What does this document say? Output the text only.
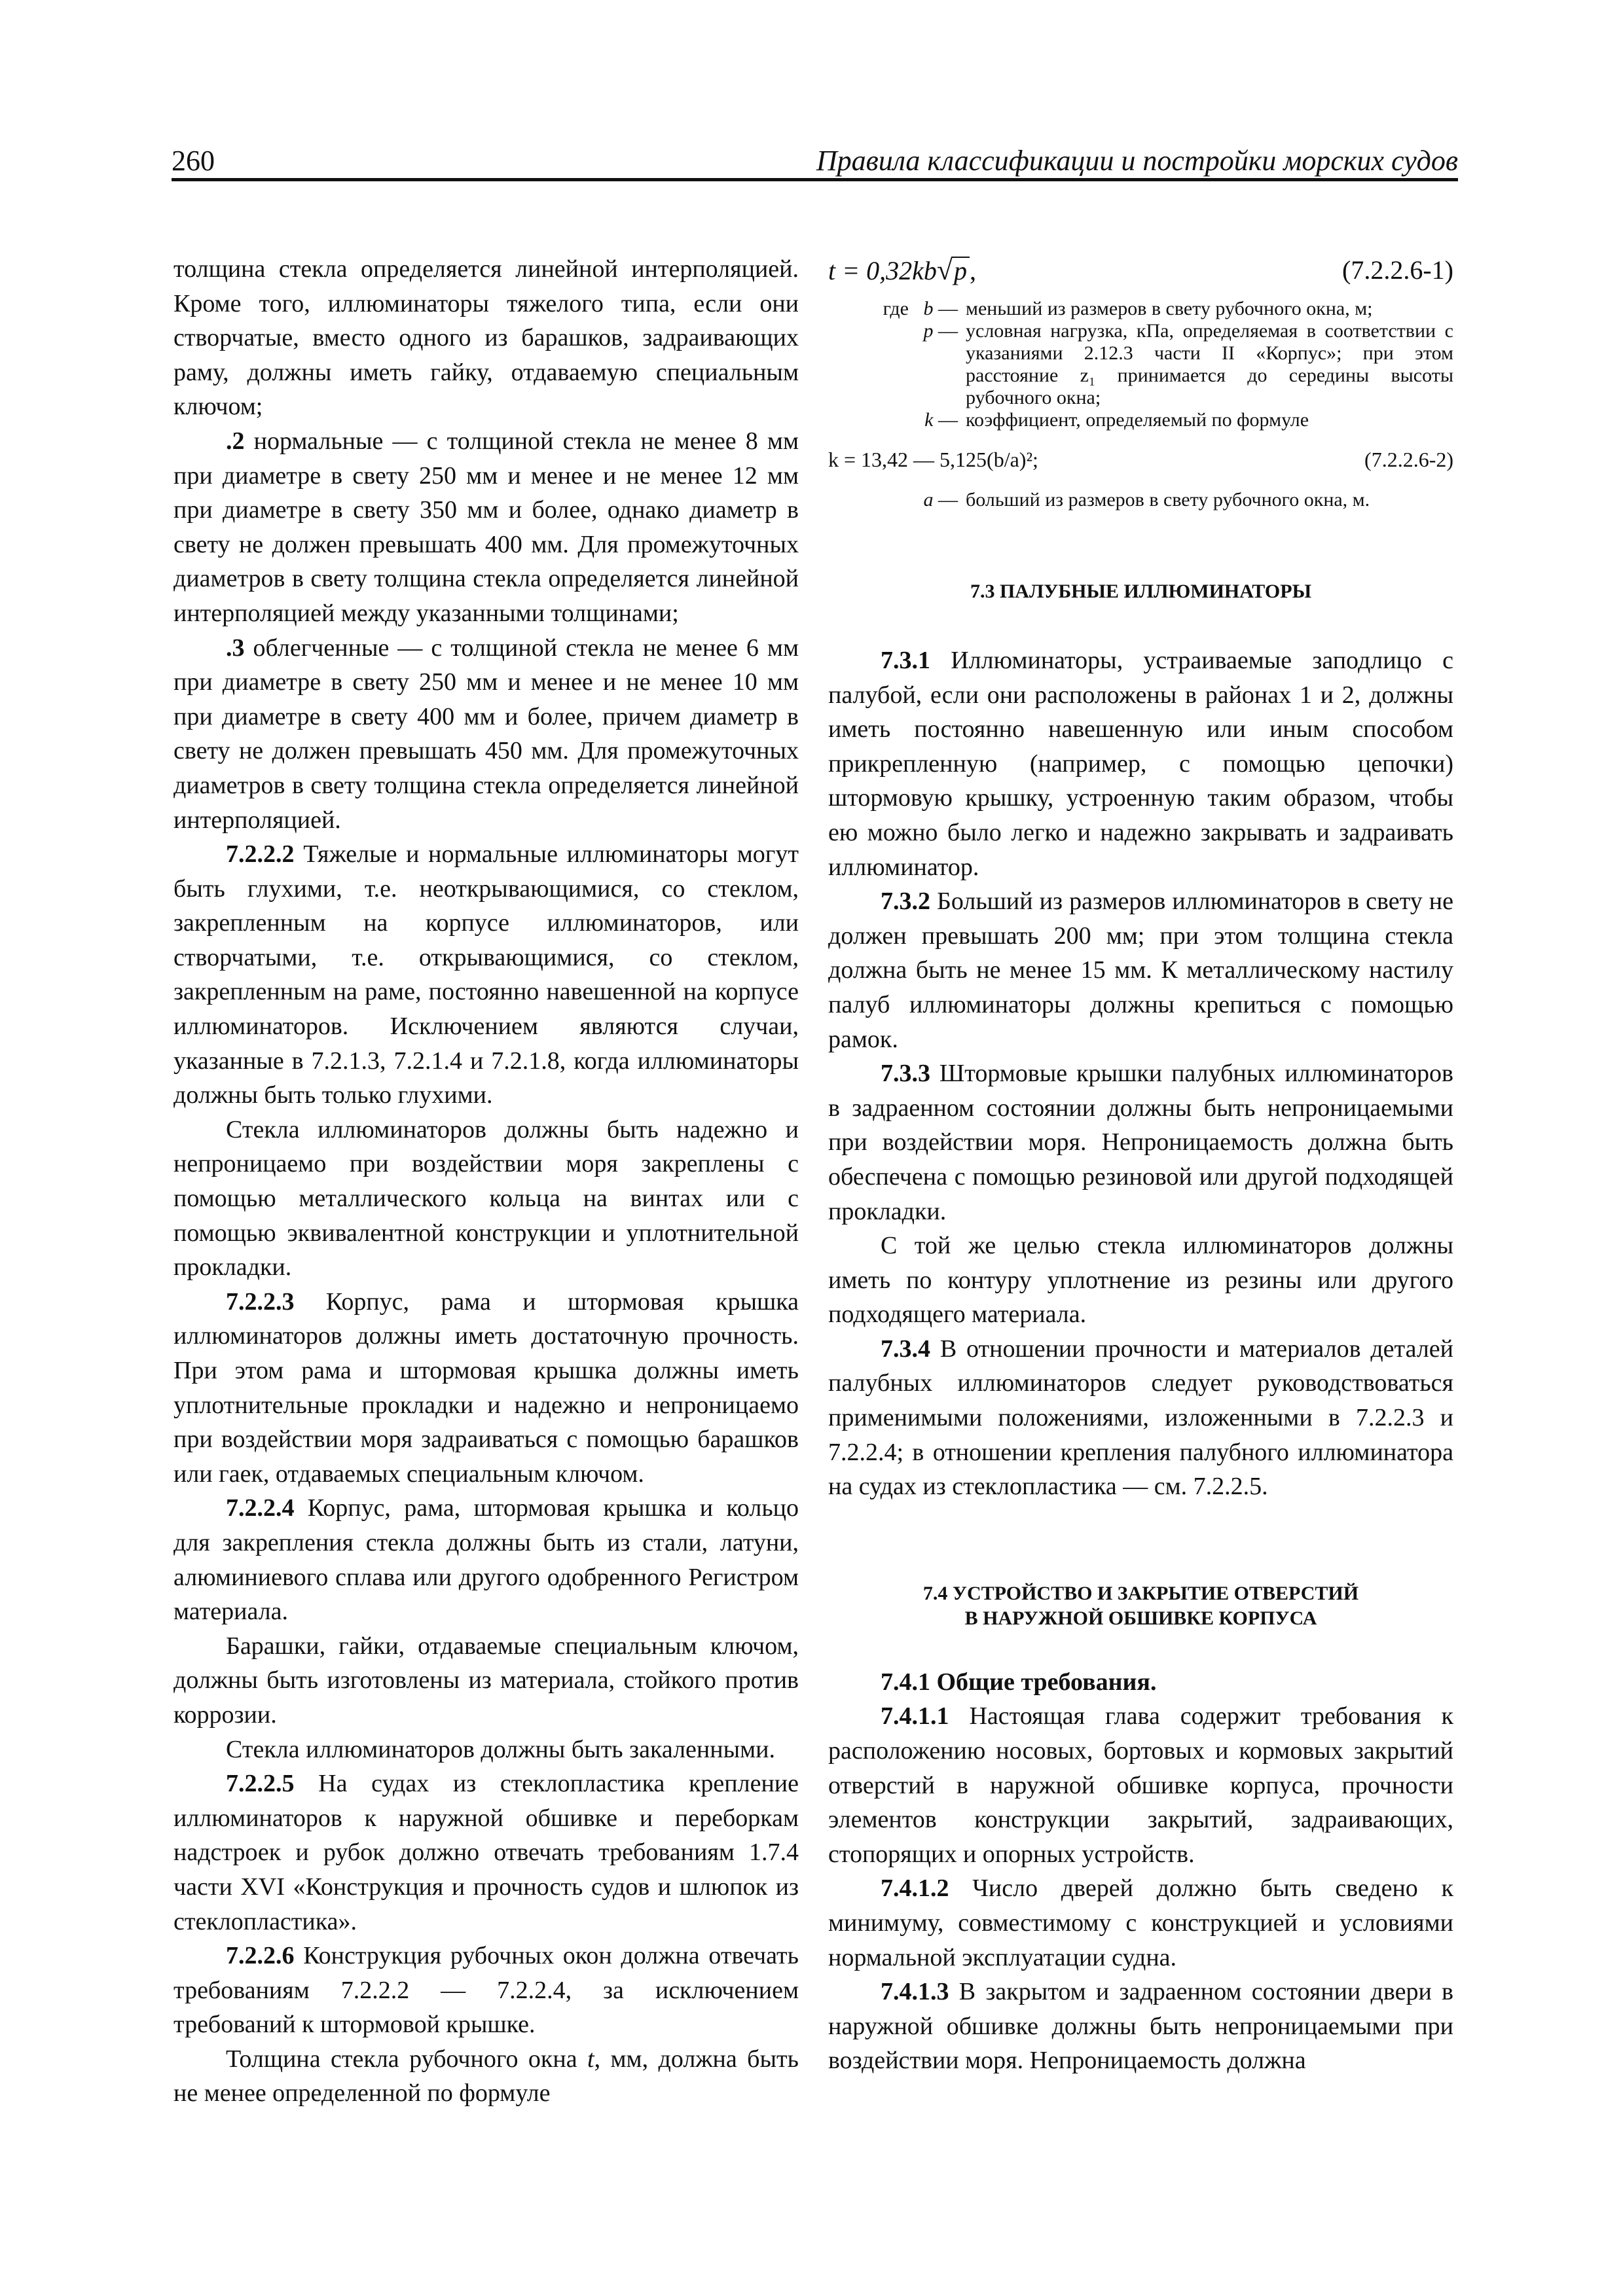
260	Правила классификации и постройки морских судов

толщина стекла определяется линейной интерполяцией. Кроме того, иллюминаторы тяжелого типа, если они створчатые, вместо одного из барашков, задраивающих раму, должны иметь гайку, отдаваемую специальным ключом;

.2 нормальные — с толщиной стекла не менее 8 мм при диаметре в свету 250 мм и менее и не менее 12 мм при диаметре в свету 350 мм и более, однако диаметр в свету не должен превышать 400 мм. Для промежуточных диаметров в свету толщина стекла определяется линейной интерполяцией между указанными толщинами;

.3 облегченные — с толщиной стекла не менее 6 мм при диаметре в свету 250 мм и менее и не менее 10 мм при диаметре в свету 400 мм и более, причем диаметр в свету не должен превышать 450 мм. Для промежуточных диаметров в свету толщина стекла определяется линейной интерполяцией.

7.2.2.2 Тяжелые и нормальные иллюминаторы могут быть глухими, т.е. неоткрывающимися, со стеклом, закрепленным на корпусе иллюминаторов, или створчатыми, т.е. открывающимися, со стеклом, закрепленным на раме, постоянно навешенной на корпусе иллюминаторов. Исключением являются случаи, указанные в 7.2.1.3, 7.2.1.4 и 7.2.1.8, когда иллюминаторы должны быть только глухими.

Стекла иллюминаторов должны быть надежно и непроницаемо при воздействии моря закреплены с помощью металлического кольца на винтах или с помощью эквивалентной конструкции и уплотнительной прокладки.

7.2.2.3 Корпус, рама и штормовая крышка иллюминаторов должны иметь достаточную прочность. При этом рама и штормовая крышка должны иметь уплотнительные прокладки и надежно и непроницаемо при воздействии моря задраиваться с помощью барашков или гаек, отдаваемых специальным ключом.

7.2.2.4 Корпус, рама, штормовая крышка и кольцо для закрепления стекла должны быть из стали, латуни, алюминиевого сплава или другого одобренного Регистром материала.

Барашки, гайки, отдаваемые специальным ключом, должны быть изготовлены из материала, стойкого против коррозии.

Стекла иллюминаторов должны быть закаленными.

7.2.2.5 На судах из стеклопластика крепление иллюминаторов к наружной обшивке и переборкам надстроек и рубок должно отвечать требованиям 1.7.4 части XVI «Конструкция и прочность судов и шлюпок из стеклопластика».

7.2.2.6 Конструкция рубочных окон должна отвечать требованиям 7.2.2.2 — 7.2.2.4, за исключением требований к штормовой крышке.

Толщина стекла рубочного окна t, мм, должна быть не менее определенной по формуле

t = 0,32kb√p ,	(7.2.2.6-1)
где b — меньший из размеров в свету рубочного окна, м;
p — условная нагрузка, кПа, определяемая в соответствии с указаниями 2.12.3 части II «Корпус»; при этом расстояние z₁ принимается до середины высоты рубочного окна;
k — коэффициент, определяемый по формуле
k = 13,42 — 5,125(b/a)²;	(7.2.2.6-2)
a — больший из размеров в свету рубочного окна, м.
7.3 ПАЛУБНЫЕ ИЛЛЮМИНАТОРЫ

7.3.1 Иллюминаторы, устраиваемые заподлицо с палубой, если они расположены в районах 1 и 2, должны иметь постоянно навешенную или иным способом прикрепленную (например, с помощью цепочки) штормовую крышку, устроенную таким образом, чтобы ею можно было легко и надежно закрывать и задраивать иллюминатор.

7.3.2 Больший из размеров иллюминаторов в свету не должен превышать 200 мм; при этом толщина стекла должна быть не менее 15 мм. К металлическому настилу палуб иллюминаторы должны крепиться с помощью рамок.

7.3.3 Штормовые крышки палубных иллюминаторов в задраенном состоянии должны быть непроницаемыми при воздействии моря. Непроницаемость должна быть обеспечена с помощью резиновой или другой подходящей прокладки.

С той же целью стекла иллюминаторов должны иметь по контуру уплотнение из резины или другого подходящего материала.

7.3.4 В отношении прочности и материалов деталей палубных иллюминаторов следует руководствоваться применимыми положениями, изложенными в 7.2.2.3 и 7.2.2.4; в отношении крепления палубного иллюминатора на судах из стеклопластика — см. 7.2.2.5.

7.4 УСТРОЙСТВО И ЗАКРЫТИЕ ОТВЕРСТИЙ
В НАРУЖНОЙ ОБШИВКЕ КОРПУСА

7.4.1 Общие требования.

7.4.1.1 Настоящая глава содержит требования к расположению носовых, бортовых и кормовых закрытий отверстий в наружной обшивке корпуса, прочности элементов конструкции закрытий, задраивающих, стопорящих и опорных устройств.

7.4.1.2 Число дверей должно быть сведено к минимуму, совместимому с конструкцией и условиями нормальной эксплуатации судна.

7.4.1.3 В закрытом и задраенном состоянии двери в наружной обшивке должны быть непроницаемыми при воздействии моря. Непроницаемость должна
